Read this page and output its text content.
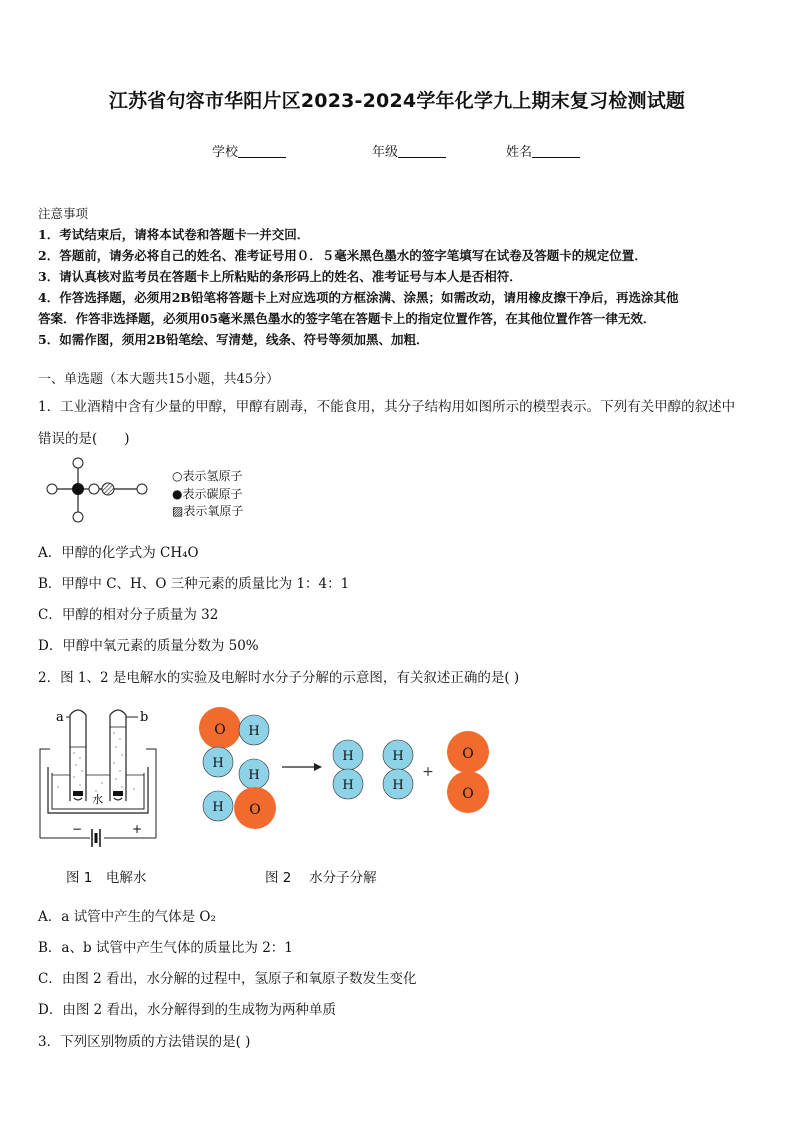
江苏省句容市华阳片区2023-2024学年化学九上期末复习检测试题
学校	年级	姓名
注意事项
1．考试结束后，请将本试卷和答题卡一并交回．
2．答题前，请务必将自己的姓名、准考证号用０．５毫米黑色墨水的签字笔填写在试卷及答题卡的规定位置．
3．请认真核对监考员在答题卡上所粘贴的条形码上的姓名、准考证号与本人是否相符．
4．作答选择题，必须用2B铅笔将答题卡上对应选项的方框涂满、涂黑；如需改动，请用橡皮擦干净后，再选涂其他
答案．作答非选择题，必须用05毫米黑色墨水的签字笔在答题卡上的指定位置作答，在其他位置作答一律无效．
5．如需作图，须用2B铅笔绘、写清楚，线条、符号等须加黑、加粗．
一、单选题（本大题共15小题，共45分）
1．工业酒精中含有少量的甲醇，甲醇有剧毒，不能食用，其分子结构用如图所示的模型表示。下列有关甲醇的叙述中
错误的是(　　)
○表示氢原子
●表示碳原子
▨表示氧原子
A．甲醇的化学式为 CH₄O
B．甲醇中 C、H、O 三种元素的质量比为 1：4：1
C．甲醇的相对分子质量为 32
D．甲醇中氧元素的质量分数为 50%
2．图 1、2 是电解水的实验及电解时水分子分解的示意图，有关叙述正确的是( )
a	b
水
−	+
图 1　电解水
O H
H
H
H O
H
H
H
H
+
O
O
图 2　 水分子分解
A．a 试管中产生的气体是 O₂
B．a、b 试管中产生气体的质量比为 2：1
C．由图 2 看出，水分解的过程中，氢原子和氧原子数发生变化
D．由图 2 看出，水分解得到的生成物为两种单质
3．下列区别物质的方法错误的是( )
